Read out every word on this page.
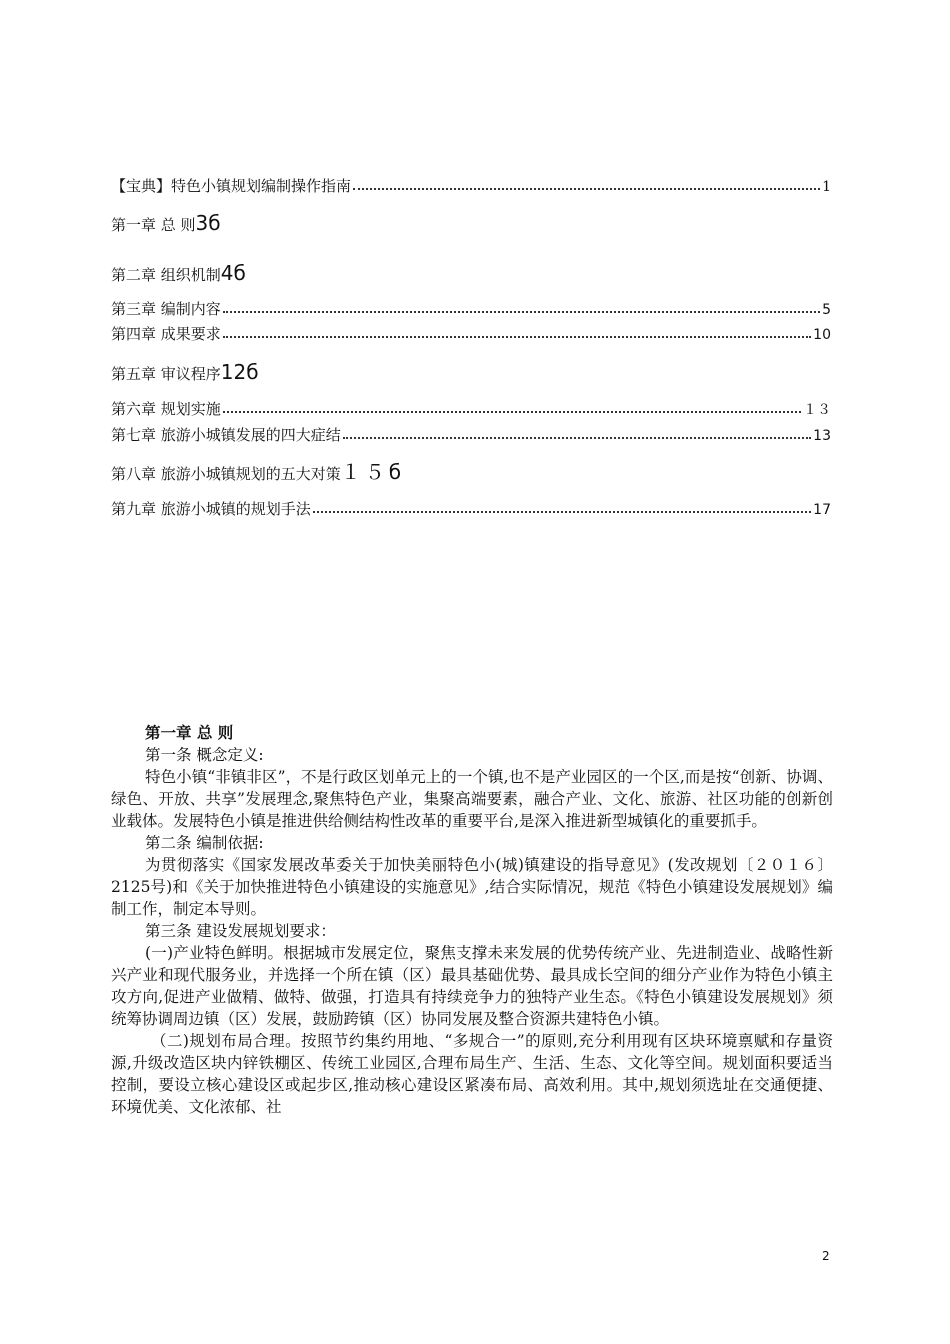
【宝典】特色小镇规划编制操作指南	1
第一章 总 则3б
第二章 组织机制4б
第三章 编制内容	5
第四章 成果要求	10
第五章 审议程序12б
第六章 规划实施	１３
第七章 旅游小城镇发展的四大症结	13
第八章 旅游小城镇规划的五大对策１５б
第九章 旅游小城镇的规划手法	17

第一章 总 则

第一条 概念定义:

特色小镇“非镇非区”，不是行政区划单元上的一个镇,也不是产业园区的一个区,而是按“创新、协调、绿色、开放、共享”发展理念,聚焦特色产业，集聚高端要素，融合产业、文化、旅游、社区功能的创新创业载体。发展特色小镇是推进供给侧结构性改革的重要平台,是深入推进新型城镇化的重要抓手。

第二条 编制依据:

为贯彻落实《国家发展改革委关于加快美丽特色小(城)镇建设的指导意见》(发改规划〔２０１６〕2125号)和《关于加快推进特色小镇建设的实施意见》,结合实际情况，规范《特色小镇建设发展规划》编制工作，制定本导则。

第三条 建设发展规划要求：

(一)产业特色鲜明。根据城市发展定位，聚焦支撑未来发展的优势传统产业、先进制造业、战略性新兴产业和现代服务业，并选择一个所在镇（区）最具基础优势、最具成长空间的细分产业作为特色小镇主攻方向,促进产业做精、做特、做强，打造具有持续竞争力的独特产业生态。《特色小镇建设发展规划》须统筹协调周边镇（区）发展，鼓励跨镇（区）协同发展及整合资源共建特色小镇。

（二)规划布局合理。按照节约集约用地、“多规合一”的原则,充分利用现有区块环境禀赋和存量资源,升级改造区块内锌铁棚区、传统工业园区,合理布局生产、生活、生态、文化等空间。规划面积要适当控制，要设立核心建设区或起步区,推动核心建设区紧凑布局、高效利用。其中,规划须选址在交通便捷、环境优美、文化浓郁、社

2
